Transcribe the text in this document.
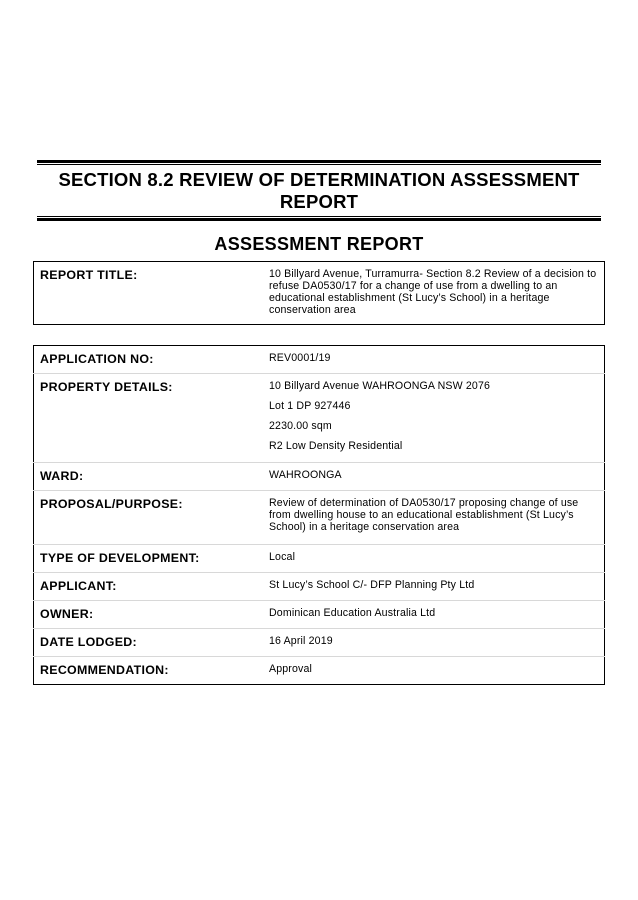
SECTION 8.2 REVIEW OF DETERMINATION ASSESSMENT REPORT
ASSESSMENT REPORT
REPORT TITLE:	10 Billyard Avenue, Turramurra- Section 8.2 Review of a decision to refuse DA0530/17 for a change of use from a dwelling to an educational establishment (St Lucy’s School) in a heritage conservation area
APPLICATION NO:	REV0001/19
PROPERTY DETAILS:	10 Billyard Avenue WAHROONGA NSW 2076
Lot 1 DP 927446
2230.00 sqm
R2 Low Density Residential

WARD:	WAHROONGA
PROPOSAL/PURPOSE:	Review of determination of DA0530/17 proposing change of use from dwelling house to an educational establishment (St Lucy’s School) in a heritage conservation area
TYPE OF DEVELOPMENT:	Local
APPLICANT:	St Lucy’s School C/- DFP Planning Pty Ltd
OWNER:	Dominican Education Australia Ltd
DATE LODGED:	16 April 2019
RECOMMENDATION:	Approval
